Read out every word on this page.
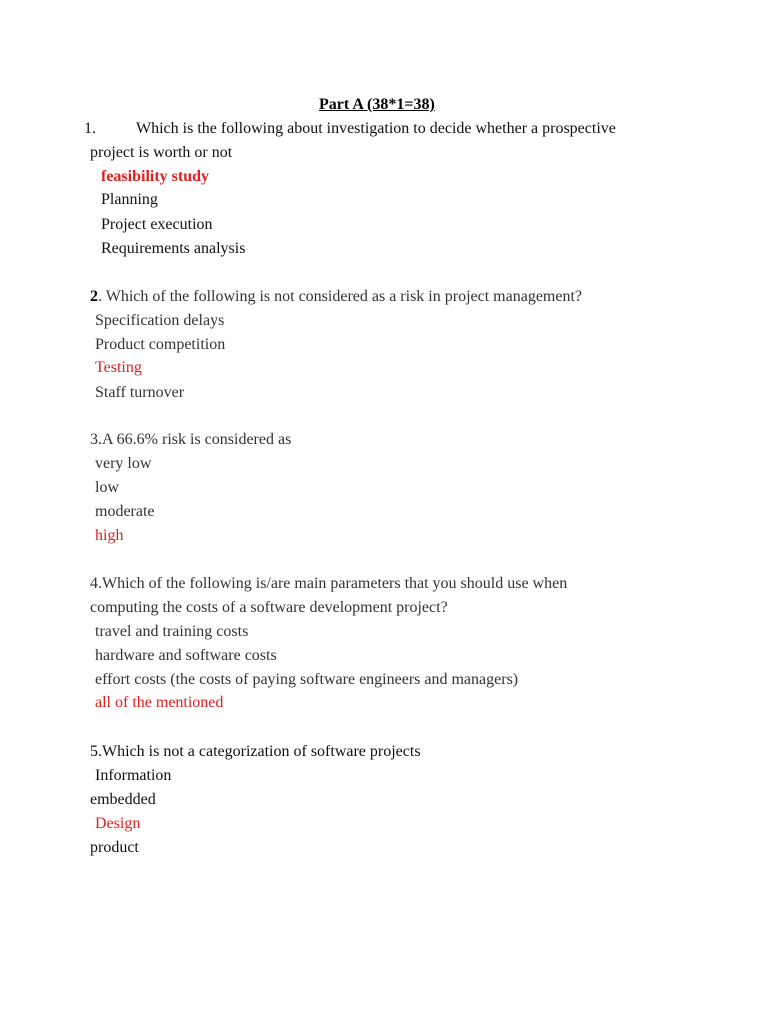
Part A (38*1=38)
1.	Which is the following about investigation to decide whether a prospective
project is worth or not
feasibility study
Planning
Project execution
Requirements analysis
2. Which of the following is not considered as a risk in project management?
Specification delays
Product competition
Testing
Staff turnover
3.A 66.6% risk is considered as
very low
low
moderate
high
4.Which of the following is/are main parameters that you should use when
computing the costs of a software development project?
travel and training costs
hardware and software costs
effort costs (the costs of paying software engineers and managers)
all of the mentioned
5.Which is not a categorization of software projects
Information
embedded
Design
product
